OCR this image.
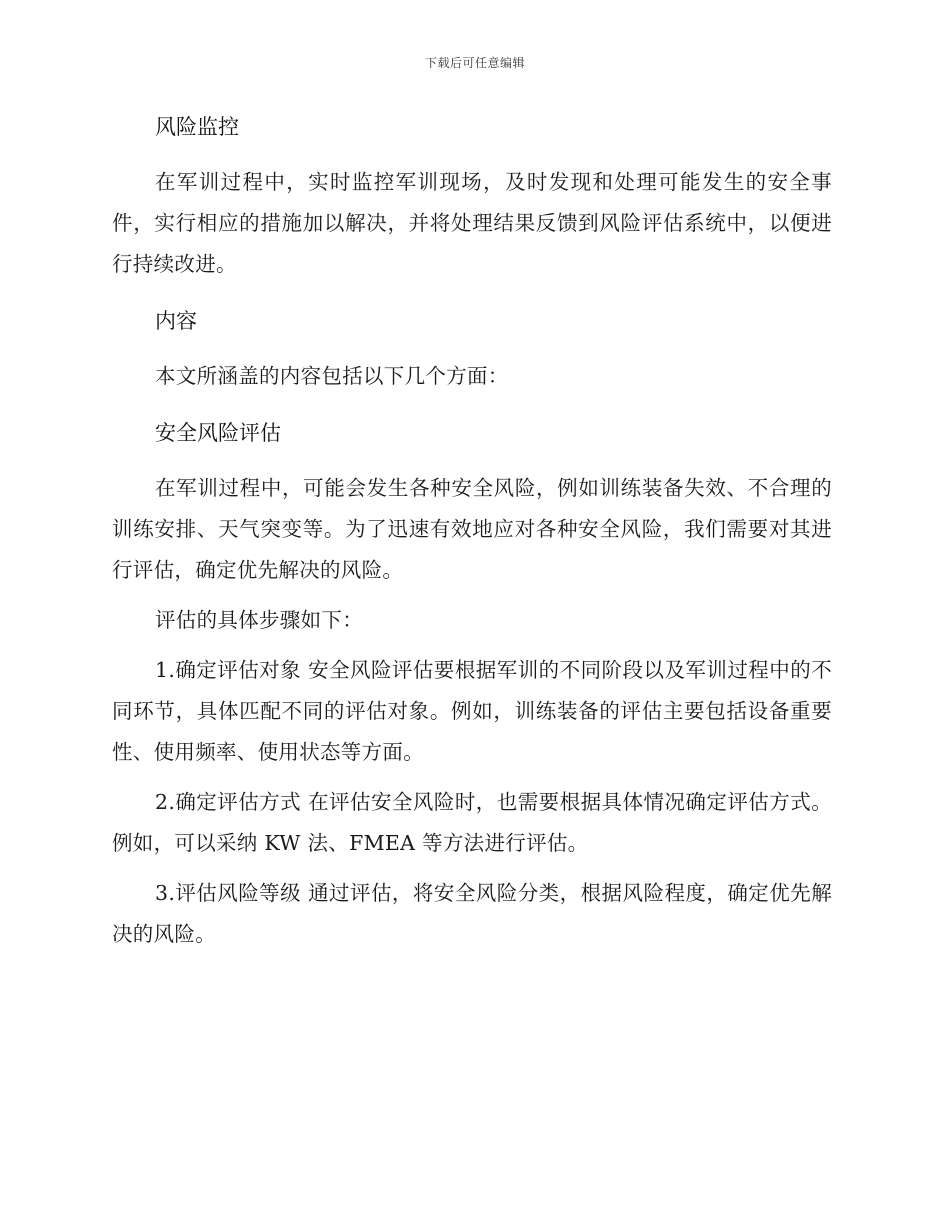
下载后可任意编辑
风险监控

在军训过程中，实时监控军训现场，及时发现和处理可能发生的安全事件，实行相应的措施加以解决，并将处理结果反馈到风险评估系统中，以便进行持续改进。

内容

本文所涵盖的内容包括以下几个方面：

安全风险评估

在军训过程中，可能会发生各种安全风险，例如训练装备失效、不合理的训练安排、天气突变等。为了迅速有效地应对各种安全风险，我们需要对其进行评估，确定优先解决的风险。

评估的具体步骤如下：

1.确定评估对象 安全风险评估要根据军训的不同阶段以及军训过程中的不同环节，具体匹配不同的评估对象。例如，训练装备的评估主要包括设备重要性、使用频率、使用状态等方面。

2.确定评估方式 在评估安全风险时，也需要根据具体情况确定评估方式。例如，可以采纳 KW 法、FMEA 等方法进行评估。

3.评估风险等级 通过评估，将安全风险分类，根据风险程度，确定优先解决的风险。
